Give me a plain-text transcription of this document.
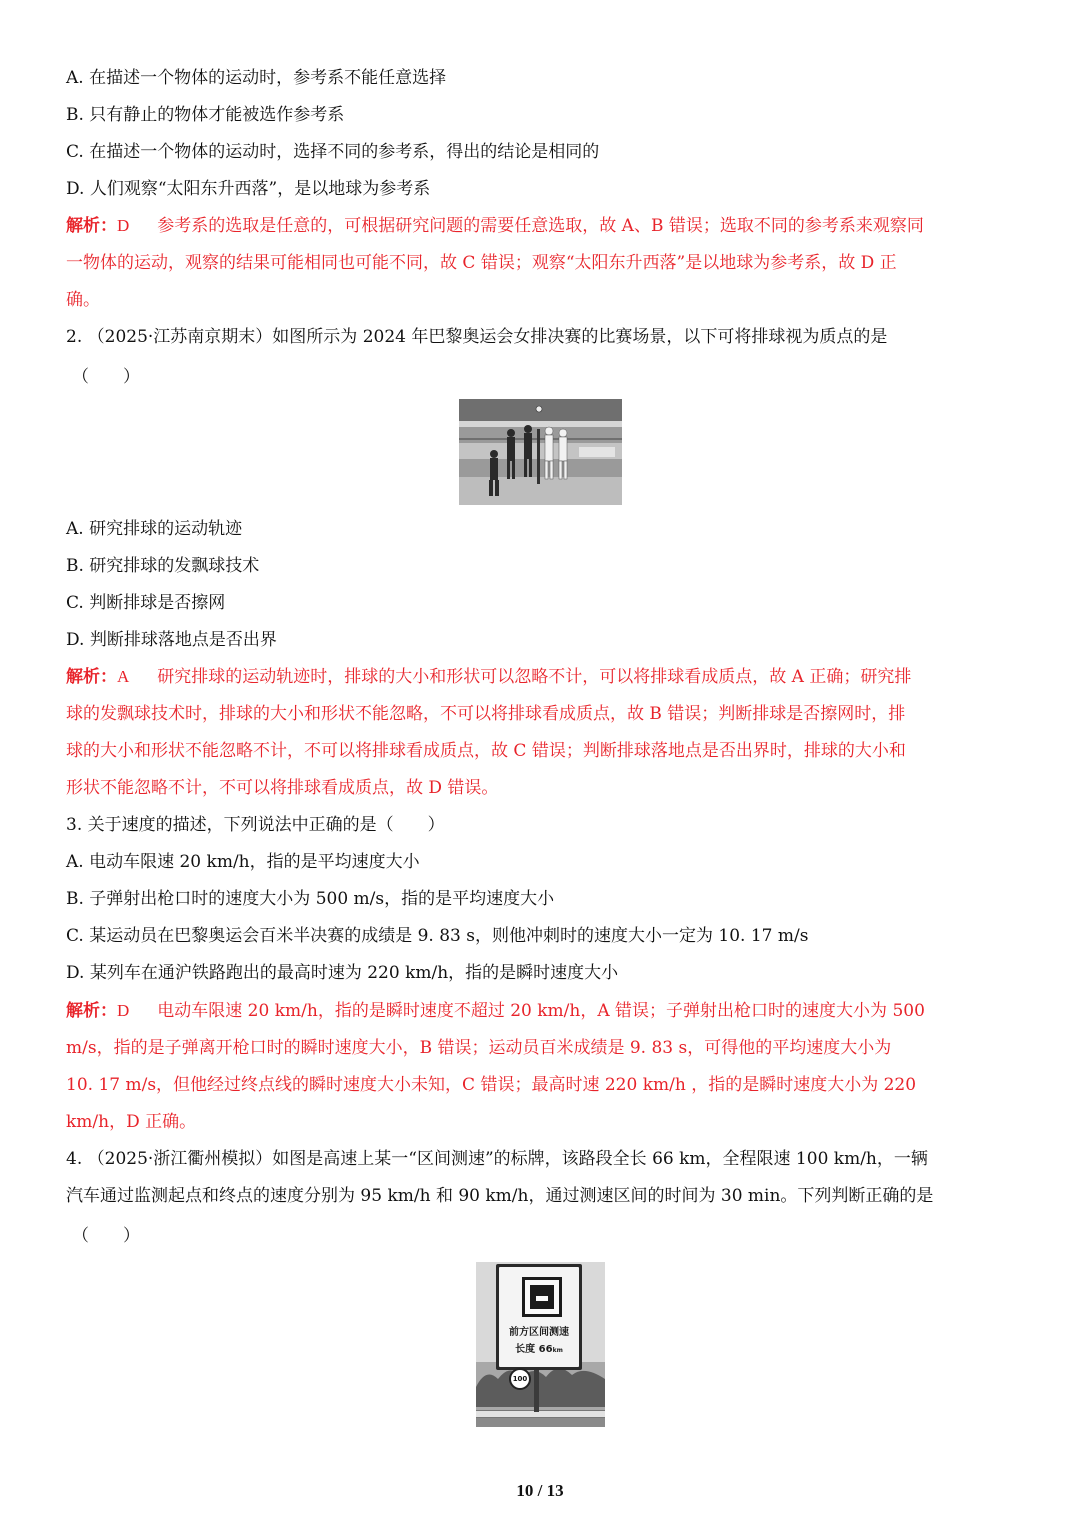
A. 在描述一个物体的运动时，参考系不能任意选择
B. 只有静止的物体才能被选作参考系
C. 在描述一个物体的运动时，选择不同的参考系，得出的结论是相同的
D. 人们观察“太阳东升西落”，是以地球为参考系
解析：D 参考系的选取是任意的，可根据研究问题的需要任意选取，故 A、B 错误；选取不同的参考系来观察同
一物体的运动，观察的结果可能相同也可能不同，故 C 错误；观察“太阳东升西落”是以地球为参考系，故 D 正
确。
2. （2025·江苏南京期末）如图所示为 2024 年巴黎奥运会女排决赛的比赛场景，以下可将排球视为质点的是
（　　）
A. 研究排球的运动轨迹
B. 研究排球的发飘球技术
C. 判断排球是否擦网
D. 判断排球落地点是否出界
解析：A 研究排球的运动轨迹时，排球的大小和形状可以忽略不计，可以将排球看成质点，故 A 正确；研究排
球的发飘球技术时，排球的大小和形状不能忽略，不可以将排球看成质点，故 B 错误；判断排球是否擦网时，排
球的大小和形状不能忽略不计，不可以将排球看成质点，故 C 错误；判断排球落地点是否出界时，排球的大小和
形状不能忽略不计，不可以将排球看成质点，故 D 错误。
3. 关于速度的描述，下列说法中正确的是（　　）
A. 电动车限速 20 km/h，指的是平均速度大小
B. 子弹射出枪口时的速度大小为 500 m/s，指的是平均速度大小
C. 某运动员在巴黎奥运会百米半决赛的成绩是 9. 83 s，则他冲刺时的速度大小一定为 10. 17 m/s
D. 某列车在通沪铁路跑出的最高时速为 220 km/h，指的是瞬时速度大小
解析：D 电动车限速 20 km/h，指的是瞬时速度不超过 20 km/h，A 错误；子弹射出枪口时的速度大小为 500
m/s，指的是子弹离开枪口时的瞬时速度大小，B 错误；运动员百米成绩是 9. 83 s，可得他的平均速度大小为
10. 17 m/s，但他经过终点线的瞬时速度大小未知，C 错误；最高时速 220 km/h ，指的是瞬时速度大小为 220
km/h，D 正确。
4. （2025·浙江衢州模拟）如图是高速上某一“区间测速”的标牌，该路段全长 66 km，全程限速 100 km/h，一辆
汽车通过监测起点和终点的速度分别为 95 km/h 和 90 km/h，通过测速区间的时间为 30 min。下列判断正确的是
（　　）
前方区间测速
长度 66km
100
10 / 13
